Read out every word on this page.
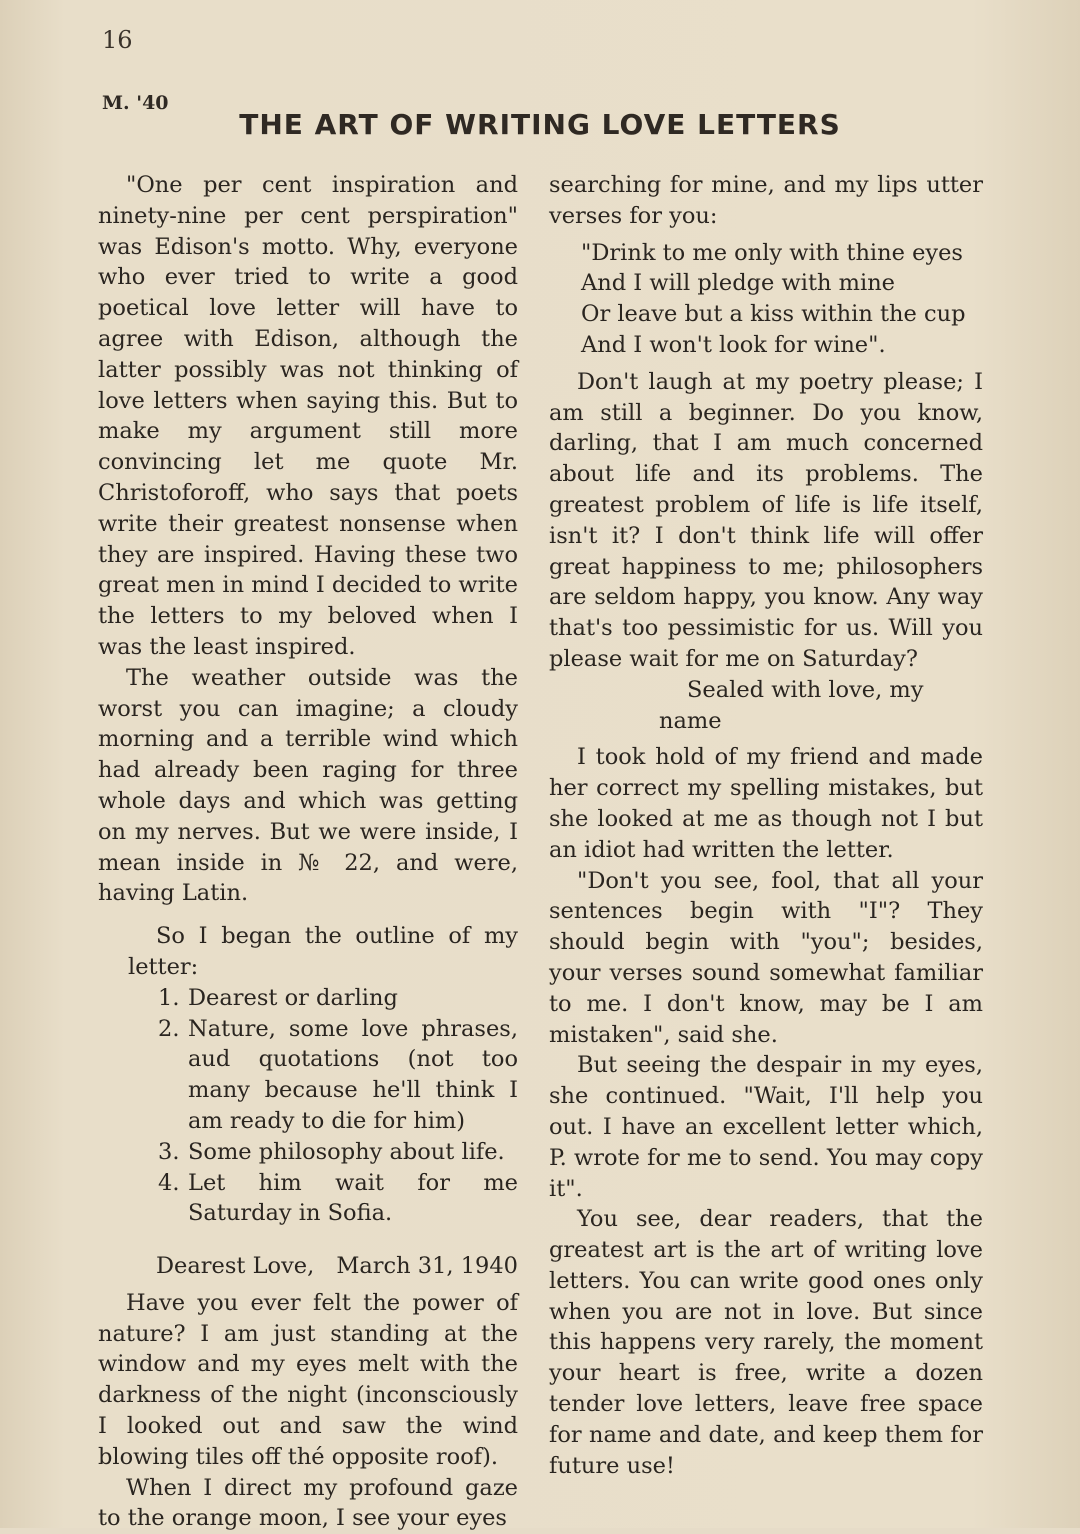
16
M. '40
THE ART OF WRITING LOVE LETTERS

"One per cent inspiration and ninety-nine per cent perspiration" was Edison's motto. Why, everyone who ever tried to write a good poetical love letter will have to agree with Edison, although the latter possibly was not thinking of love letters when saying this. But to make my argument still more convincing let me quote Mr. Christoforoff, who says that poets write their greatest nonsense when they are inspired. Having these two great men in mind I decided to write the letters to my beloved when I was the least inspired.

The weather outside was the worst you can imagine; a cloudy morning and a terrible wind which had already been raging for three whole days and which was getting on my nerves. But we were inside, I mean inside in № 22, and were, having Latin.

So I began the outline of my letter:

1. Dearest or darling
2. Nature, some love phrases, aud quotations (not too many because he'll think I am ready to die for him)
3. Some philosophy about life.
4. Let him wait for me Saturday in Sofia.
Dearest Love, March 31, 1940

Have you ever felt the power of nature? I am just standing at the window and my eyes melt with the darkness of the night (inconsciously I looked out and saw the wind blowing tiles off thé opposite roof).

When I direct my profound gaze to the orange moon, I see your eyes

searching for mine, and my lips utter verses for you:

"Drink to me only with thine eyes
And I will pledge with mine
Or leave but a kiss within the cup
And I won't look for wine".

Don't laugh at my poetry please; I am still a beginner. Do you know, darling, that I am much concerned about life and its problems. The greatest problem of life is life itself, isn't it? I don't think life will offer great happiness to me; philosophers are seldom happy, you know. Any way that's too pessimistic for us. Will you please wait for me on Saturday?

Sealed with love, my name

I took hold of my friend and made her correct my spelling mistakes, but she looked at me as though not I but an idiot had written the letter.

"Don't you see, fool, that all your sentences begin with "I"? They should begin with "you"; besides, your verses sound somewhat familiar to me. I don't know, may be I am mistaken", said she.

But seeing the despair in my eyes, she continued. "Wait, I'll help you out. I have an excellent letter which, P. wrote for me to send. You may copy it".

You see, dear readers, that the greatest art is the art of writing love letters. You can write good ones only when you are not in love. But since this happens very rarely, the moment your heart is free, write a dozen tender love letters, leave free space for name and date, and keep them for future use!
